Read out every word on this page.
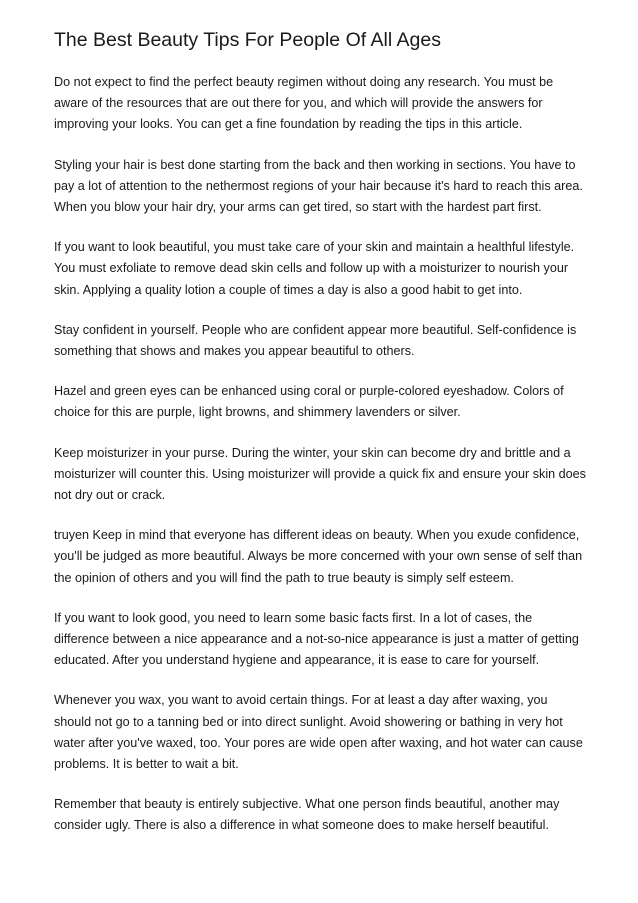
The Best Beauty Tips For People Of All Ages

Do not expect to find the perfect beauty regimen without doing any research. You must be aware of the resources that are out there for you, and which will provide the answers for improving your looks. You can get a fine foundation by reading the tips in this article.

Styling your hair is best done starting from the back and then working in sections. You have to pay a lot of attention to the nethermost regions of your hair because it's hard to reach this area. When you blow your hair dry, your arms can get tired, so start with the hardest part first.

If you want to look beautiful, you must take care of your skin and maintain a healthful lifestyle. You must exfoliate to remove dead skin cells and follow up with a moisturizer to nourish your skin. Applying a quality lotion a couple of times a day is also a good habit to get into.

Stay confident in yourself. People who are confident appear more beautiful. Self-confidence is something that shows and makes you appear beautiful to others.

Hazel and green eyes can be enhanced using coral or purple-colored eyeshadow. Colors of choice for this are purple, light browns, and shimmery lavenders or silver.

Keep moisturizer in your purse. During the winter, your skin can become dry and brittle and a moisturizer will counter this. Using moisturizer will provide a quick fix and ensure your skin does not dry out or crack.

truyen Keep in mind that everyone has different ideas on beauty. When you exude confidence, you'll be judged as more beautiful. Always be more concerned with your own sense of self than the opinion of others and you will find the path to true beauty is simply self esteem.

If you want to look good, you need to learn some basic facts first. In a lot of cases, the difference between a nice appearance and a not-so-nice appearance is just a matter of getting educated. After you understand hygiene and appearance, it is ease to care for yourself.

Whenever you wax, you want to avoid certain things. For at least a day after waxing, you should not go to a tanning bed or into direct sunlight. Avoid showering or bathing in very hot water after you've waxed, too. Your pores are wide open after waxing, and hot water can cause problems. It is better to wait a bit.

Remember that beauty is entirely subjective. What one person finds beautiful, another may consider ugly. There is also a difference in what someone does to make herself beautiful.
